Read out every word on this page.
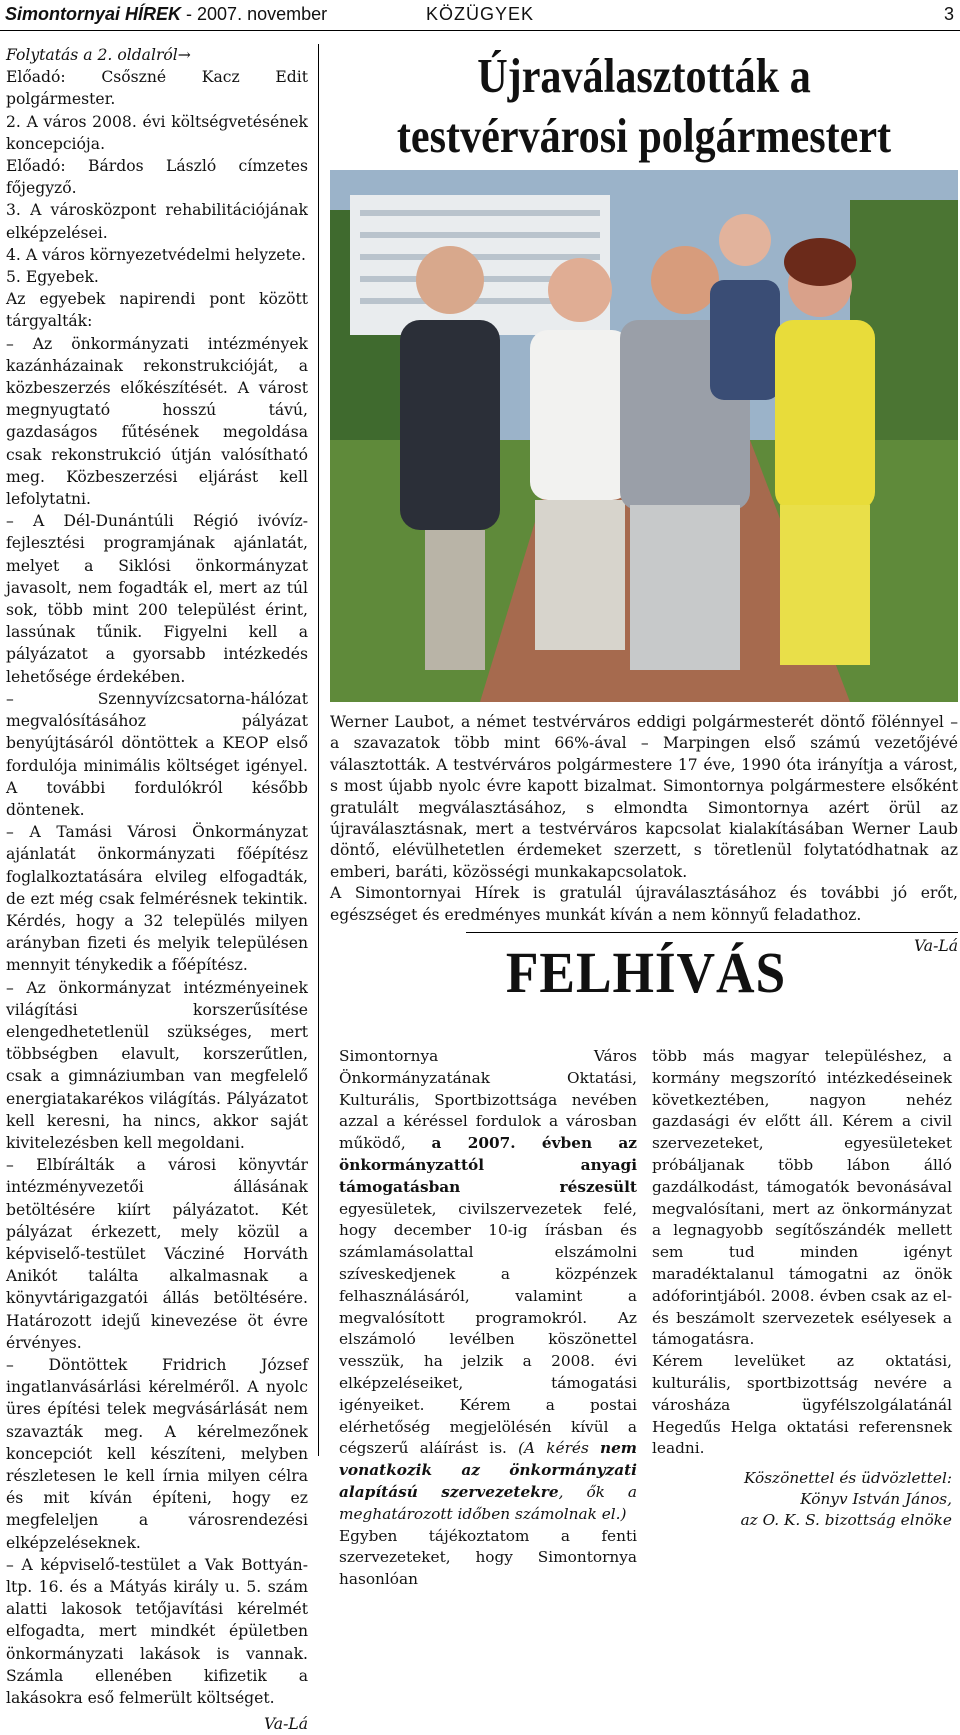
Simontornyai HÍREK - 2007. november	KÖZÜGYEK	3

Folytatás a 2. oldalról→

Előadó: Csőszné Kacz Edit polgármester.

2. A város 2008. évi költségvetésének koncepciója.

Előadó: Bárdos László címzetes főjegyző.

3. A városközpont rehabilitációjának elképzelései.

4. A város környezetvédelmi helyzete.

5. Egyebek.

Az egyebek napirendi pont között tárgyalták:

– Az önkormányzati intézmények kazánházainak rekonstrukcióját, a közbeszerzés előkészítését. A várost megnyugtató hosszú távú, gazdaságos fűtésének megoldása csak rekonstrukció útján valósítható meg. Közbeszerzési eljárást kell lefolytatni.

– A Dél-Dunántúli Régió ivóvíz-fejlesztési programjának ajánlatát, melyet a Siklósi önkormányzat javasolt, nem fogadták el, mert az túl sok, több mint 200 települést érint, lassúnak tűnik. Figyelni kell a pályázatot a gyorsabb intézkedés lehetősége érdekében.

– Szennyvízcsatorna-hálózat megvalósításához pályázat benyújtásáról döntöttek a KEOP első fordulója minimális költséget igényel. A további fordulókról később döntenek.

– A Tamási Városi Önkormányzat ajánlatát önkormányzati főépítész foglalkoztatására elvileg elfogadták, de ezt még csak felmérésnek tekintik. Kérdés, hogy a 32 település milyen arányban fizeti és melyik településen mennyit ténykedik a főépítész.

– Az önkormányzat intézményeinek világítási korszerűsítése elengedhetetlenül szükséges, mert többségben elavult, korszerűtlen, csak a gimnáziumban van megfelelő energiatakarékos világítás. Pályázatot kell keresni, ha nincs, akkor saját kivitelezésben kell megoldani.

– Elbírálták a városi könyvtár intézményvezetői állásának betöltésére kiírt pályázatot. Két pályázat érkezett, mely közül a képviselő-testület Vácziné Horváth Anikót találta alkalmasnak a könyvtárigazgatói állás betöltésére. Határozott idejű kinevezése öt évre érvényes.

– Döntöttek Fridrich József ingatlanvásárlási kérelméről. A nyolc üres építési telek megvásárlását nem szavazták meg. A kérelmezőnek koncepciót kell készíteni, melyben részletesen le kell írnia milyen célra és mit kíván építeni, hogy ez megfeleljen a városrendezési elképzeléseknek.

– A képviselő-testület a Vak Bottyán-ltp. 16. és a Mátyás király u. 5. szám alatti lakosok tetőjavítási kérelmét elfogadta, mert mindkét épületben önkormányzati lakások is vannak. Számla ellenében kifizetik a lakásokra eső felmerült költséget.

Va-Lá

Újraválasztották a
testvérvárosi polgármestert

Werner Laubot, a német testvérváros eddigi polgármesterét döntő fölénnyel – a szavazatok több mint 66%-ával – Marpingen első számú vezetőjévé választották. A testvérváros polgármestere 17 éve, 1990 óta irányítja a várost, s most újabb nyolc évre kapott bizalmat. Simontornya polgármestere elsőként gratulált megválasztásához, s elmondta Simontornya azért örül az újraválasztásnak, mert a testvérváros kapcsolat kialakításában Werner Laub döntő, elévülhetetlen érdemeket szerzett, s töretlenül folytatódhatnak az emberi, baráti, közösségi munkakapcsolatok.

A Simontornyai Hírek is gratulál újraválasztásához és további jó erőt, egészséget és eredményes munkát kíván a nem könnyű feladathoz.

Va-Lá

FELHÍVÁS

Simontornya Város Önkormányzatának Oktatási, Kulturális, Sportbizottsága nevében azzal a kéréssel fordulok a városban működő, a 2007. évben az önkormányzattól anyagi támogatásban részesült egyesületek, civilszervezetek felé, hogy december 10-ig írásban és számlamásolattal elszámolni szíveskedjenek a közpénzek felhasználásáról, valamint a megvalósított programokról. Az elszámoló levélben köszönettel vesszük, ha jelzik a 2008. évi elképzeléseiket, támogatási igényeiket. Kérem a postai elérhetőség megjelölésén kívül a cégszerű aláírást is. (A kérés nem vonatkozik az önkormányzati alapítású szervezetekre, ők a meghatározott időben számolnak el.)

Egyben tájékoztatom a fenti szervezeteket, hogy Simontornya hasonlóan

több más magyar településhez, a kormány megszorító intézkedéseinek következtében, nagyon nehéz gazdasági év előtt áll. Kérem a civil szervezeteket, egyesületeket próbáljanak több lábon álló gazdálkodást, támogatók bevonásával megvalósítani, mert az önkormányzat a legnagyobb segítőszándék mellett sem tud minden igényt maradéktalanul támogatni az önök adóforintjából. 2008. évben csak az el- és beszámolt szervezetek esélyesek a támogatásra.

Kérem levelüket az oktatási, kulturális, sportbizottság nevére a városháza ügyfélszolgálatánál Hegedűs Helga oktatási referensnek leadni.

Köszönettel és üdvözlettel:
Könyv István János,
az O. K. S. bizottság elnöke
